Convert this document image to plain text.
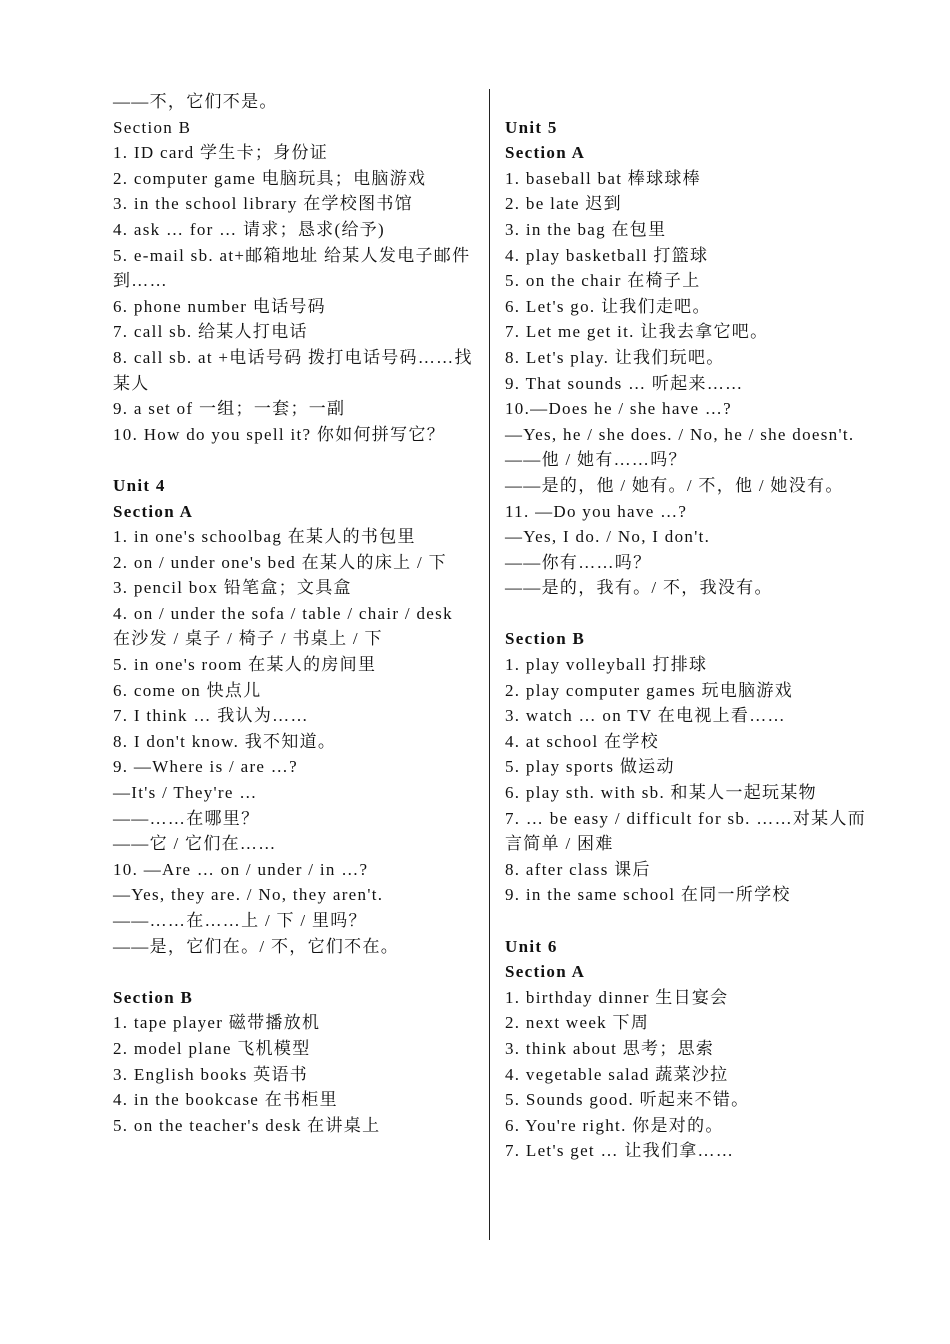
——不，它们不是。

Section B

1. ID card 学生卡；身份证

2. computer game 电脑玩具；电脑游戏

3. in the school library 在学校图书馆

4. ask … for … 请求；恳求(给予)

5. e-mail sb. at+邮箱地址 给某人发电子邮件到……

6. phone number 电话号码

7. call sb. 给某人打电话

8. call sb. at +电话号码 拨打电话号码……找某人

9. a set of 一组；一套；一副

10. How do you spell it? 你如何拼写它？

Unit 4

Section A

1. in one's schoolbag 在某人的书包里

2. on / under one's bed 在某人的床上 / 下

3. pencil box 铅笔盒；文具盒

4. on / under the sofa / table / chair / desk 在沙发 / 桌子 / 椅子 / 书桌上 / 下

5. in one's room 在某人的房间里

6. come on 快点儿

7. I think … 我认为……

8. I don't know. 我不知道。

9. —Where is / are …?

—It's / They're …

——……在哪里？

——它 / 它们在……

10. —Are … on / under / in …?

—Yes, they are. / No, they aren't.

——……在……上 / 下 / 里吗？

——是，它们在。/ 不，它们不在。

Section B

1. tape player 磁带播放机

2. model plane 飞机模型

3. English books 英语书

4. in the bookcase 在书柜里

5. on the teacher's desk 在讲桌上

Unit 5

Section A

1. baseball bat 棒球球棒

2. be late 迟到

3. in the bag 在包里

4. play basketball 打篮球

5. on the chair 在椅子上

6. Let's go. 让我们走吧。

7. Let me get it. 让我去拿它吧。

8. Let's play. 让我们玩吧。

9. That sounds … 听起来……

10.—Does he / she have …?

—Yes, he / she does. / No, he / she doesn't.

——他 / 她有……吗？

——是的，他 / 她有。/ 不，他 / 她没有。

11. —Do you have …?

—Yes, I do. / No, I don't.

——你有……吗？

——是的，我有。/ 不，我没有。

Section B

1. play volleyball 打排球

2. play computer games 玩电脑游戏

3. watch … on TV 在电视上看……

4. at school 在学校

5. play sports 做运动

6. play sth. with sb. 和某人一起玩某物

7. … be easy / difficult for sb. ……对某人而言简单 / 困难

8. after class 课后

9. in the same school 在同一所学校

Unit 6

Section A

1. birthday dinner 生日宴会

2. next week 下周

3. think about 思考；思索

4. vegetable salad 蔬菜沙拉

5. Sounds good. 听起来不错。

6. You're right. 你是对的。

7. Let's get … 让我们拿……
